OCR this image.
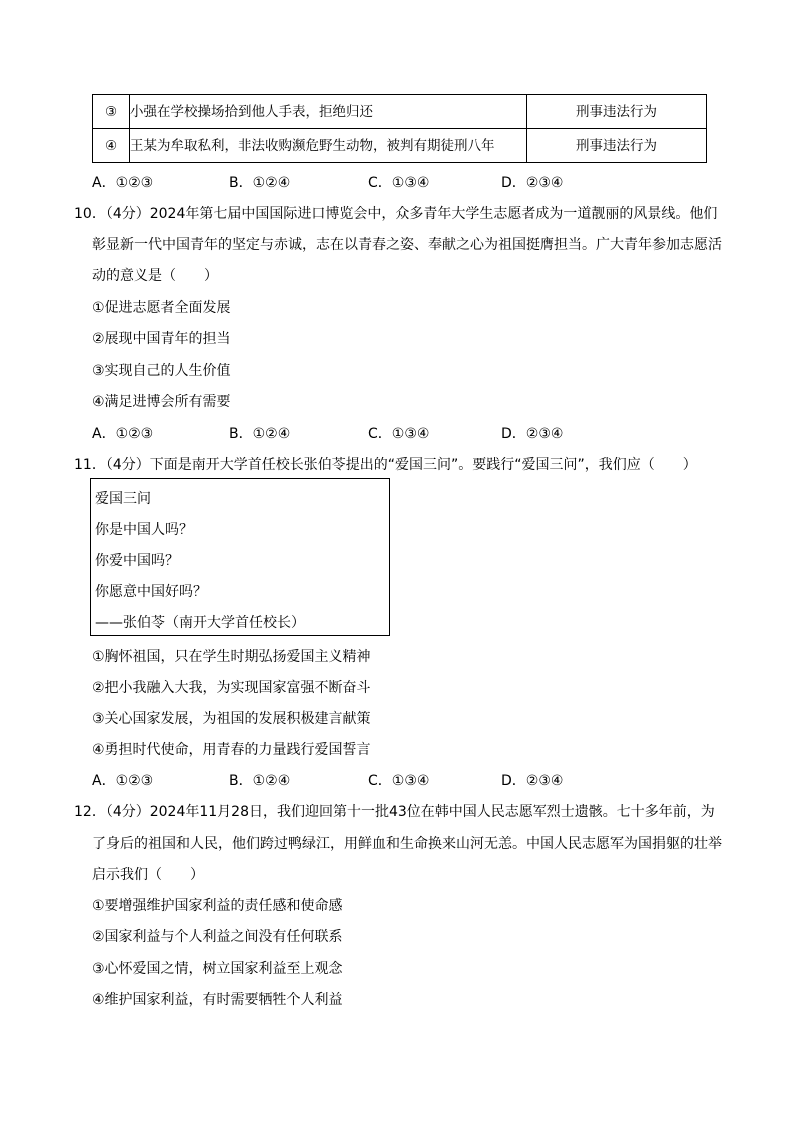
③	小强在学校操场拾到他人手表，拒绝归还	刑事违法行为
④	王某为牟取私利，非法收购濒危野生动物，被判有期徒刑八年	刑事违法行为
A．①②③	B．①②④	C．①③④	D．②③④
10．（4分）2024年第七届中国国际进口博览会中，众多青年大学生志愿者成为一道靓丽的风景线。他们
彰显新一代中国青年的坚定与赤诚，志在以青春之姿、奉献之心为祖国挺膺担当。广大青年参加志愿活
动的意义是（　　）
①促进志愿者全面发展
②展现中国青年的担当
③实现自己的人生价值
④满足进博会所有需要
A．①②③	B．①②④	C．①③④	D．②③④
11．（4分）下面是南开大学首任校长张伯苓提出的“爱国三问”。要践行“爱国三问”，我们应（　　）
爱国三问
你是中国人吗？
你爱中国吗？
你愿意中国好吗？
——张伯苓（南开大学首任校长）
①胸怀祖国，只在学生时期弘扬爱国主义精神
②把小我融入大我，为实现国家富强不断奋斗
③关心国家发展，为祖国的发展积极建言献策
④勇担时代使命，用青春的力量践行爱国誓言
A．①②③	B．①②④	C．①③④	D．②③④
12．（4分）2024年11月28日，我们迎回第十一批43位在韩中国人民志愿军烈士遗骸。七十多年前，为
了身后的祖国和人民，他们跨过鸭绿江，用鲜血和生命换来山河无恙。中国人民志愿军为国捐躯的壮举
启示我们（　　）
①要增强维护国家利益的责任感和使命感
②国家利益与个人利益之间没有任何联系
③心怀爱国之情，树立国家利益至上观念
④维护国家利益，有时需要牺牲个人利益
